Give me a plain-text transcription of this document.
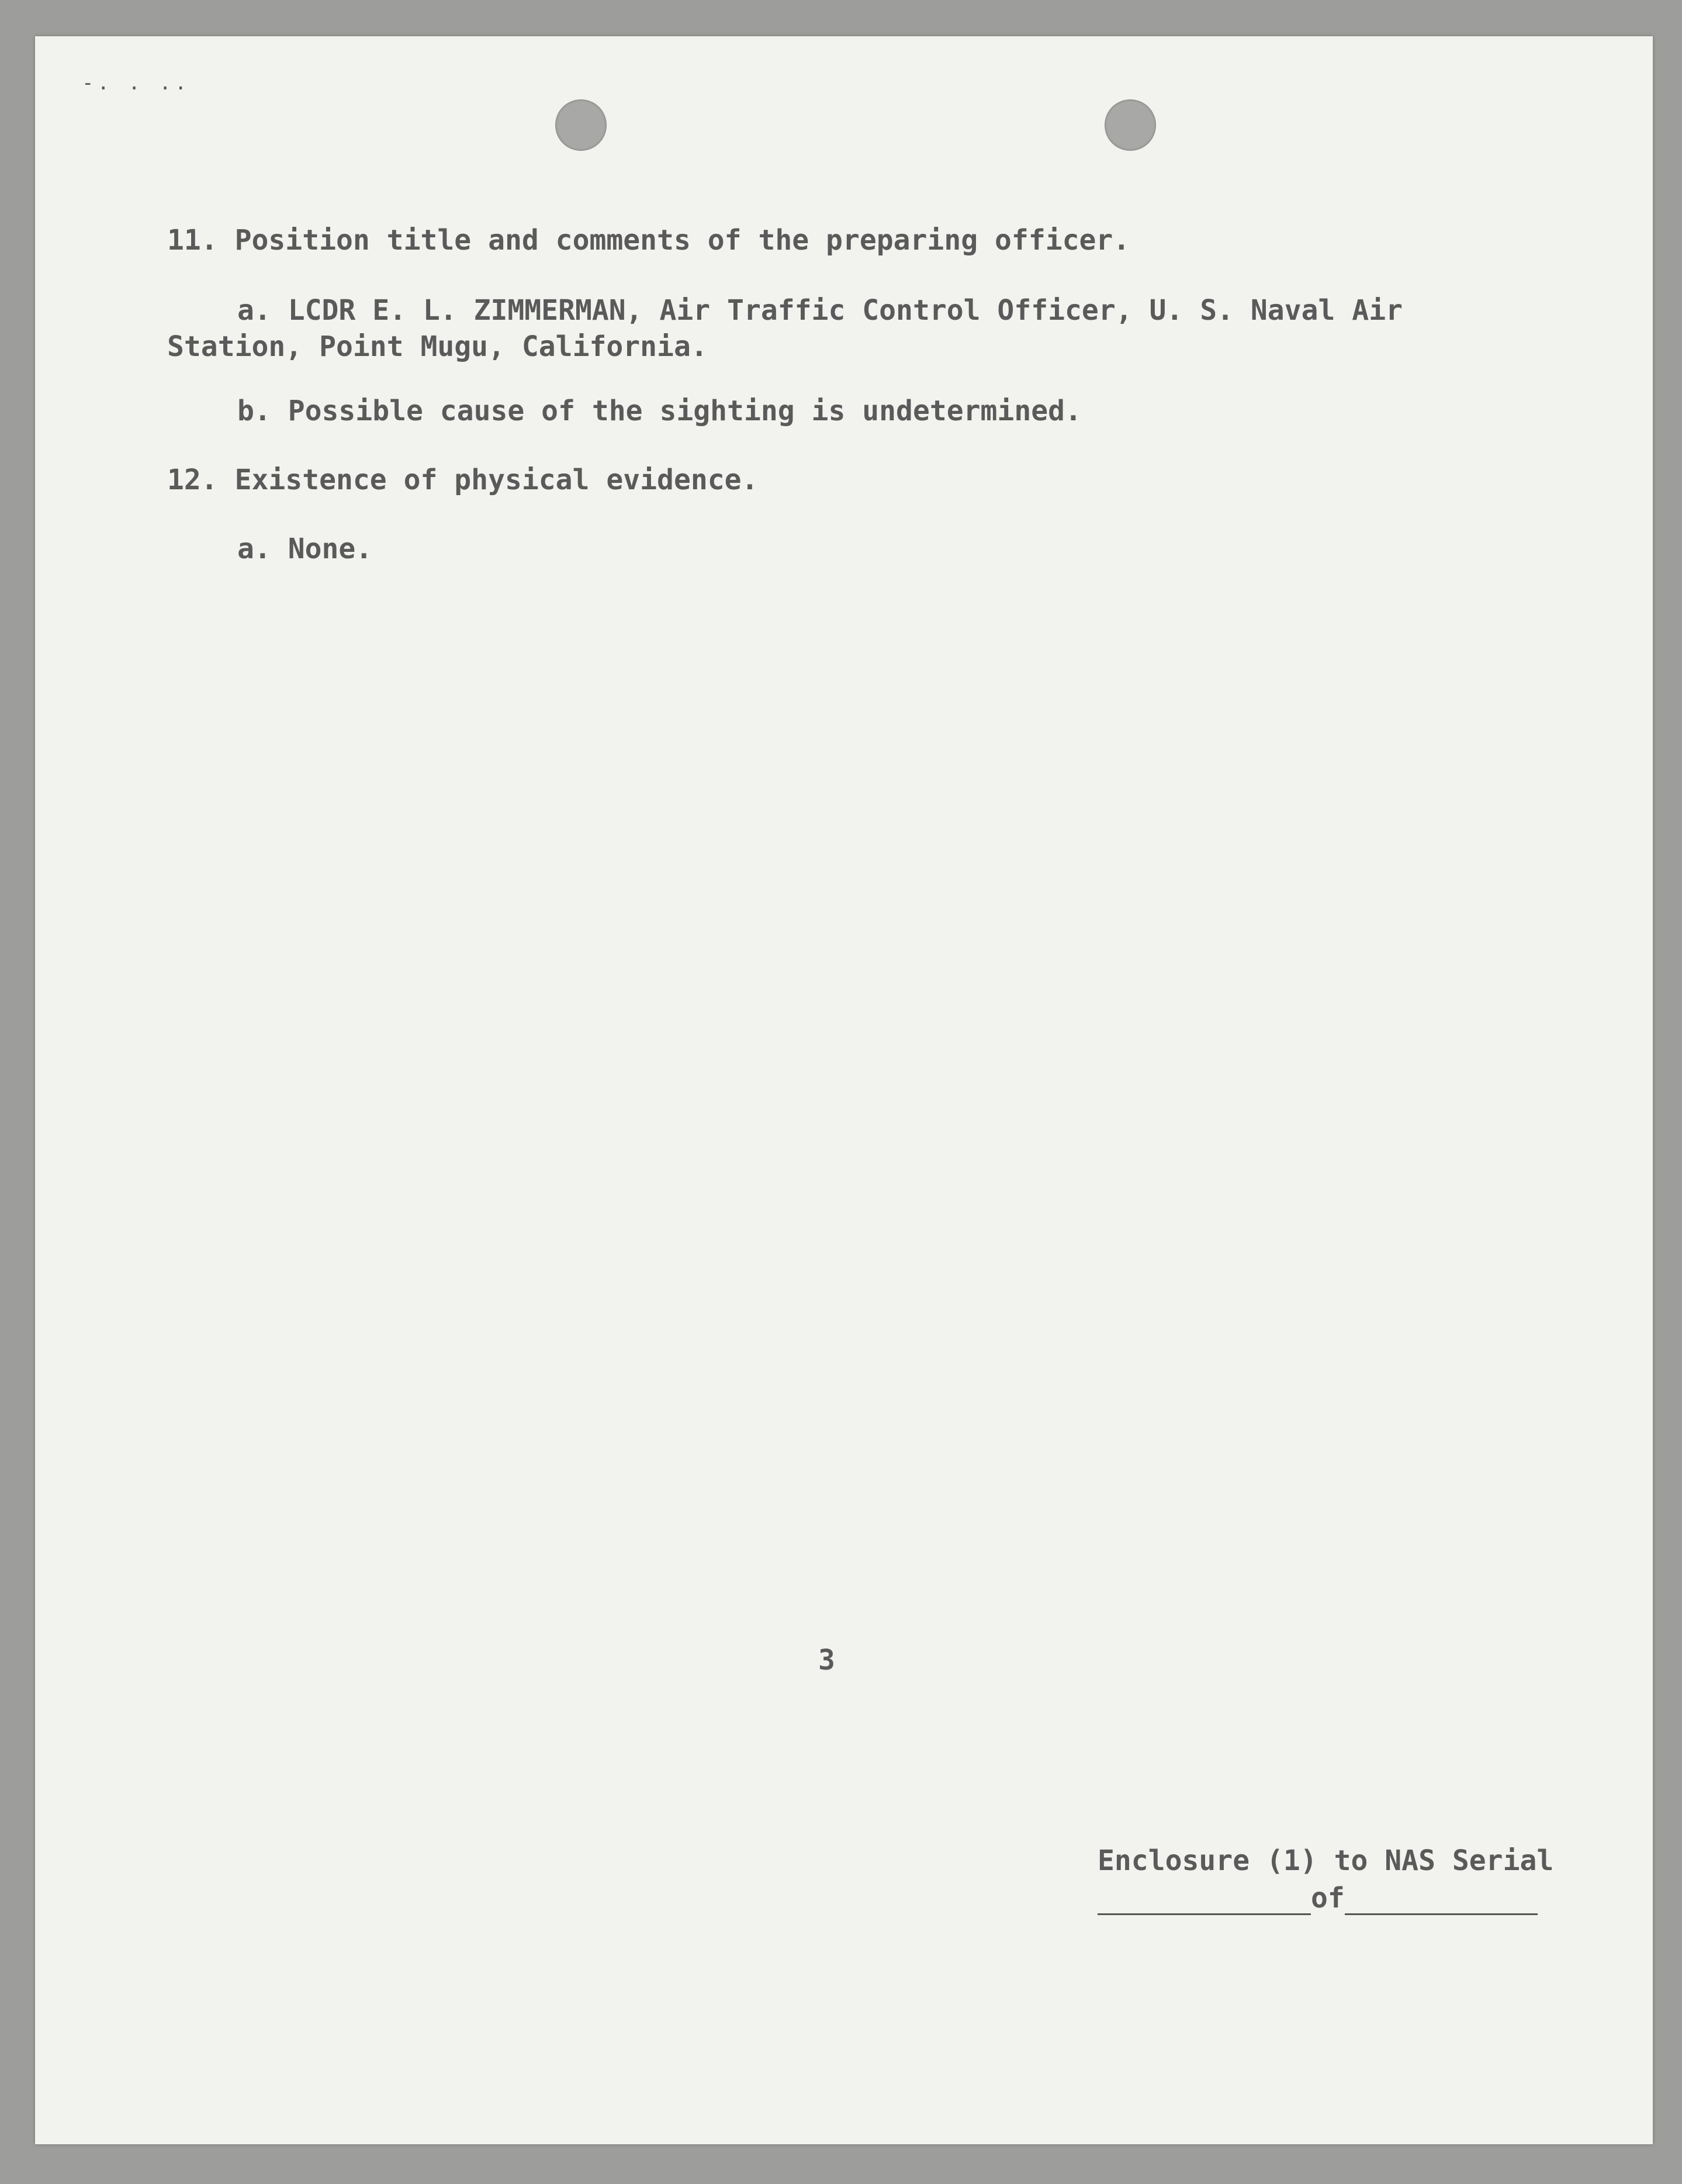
-. . ..
11. Position title and comments of the preparing officer.
a. LCDR E. L. ZIMMERMAN, Air Traffic Control Officer, U. S. Naval Air
Station, Point Mugu, California.
b. Possible cause of the sighting is undetermined.
12. Existence of physical evidence.
a. None.
3
Enclosure (1) to NAS Serial
of
